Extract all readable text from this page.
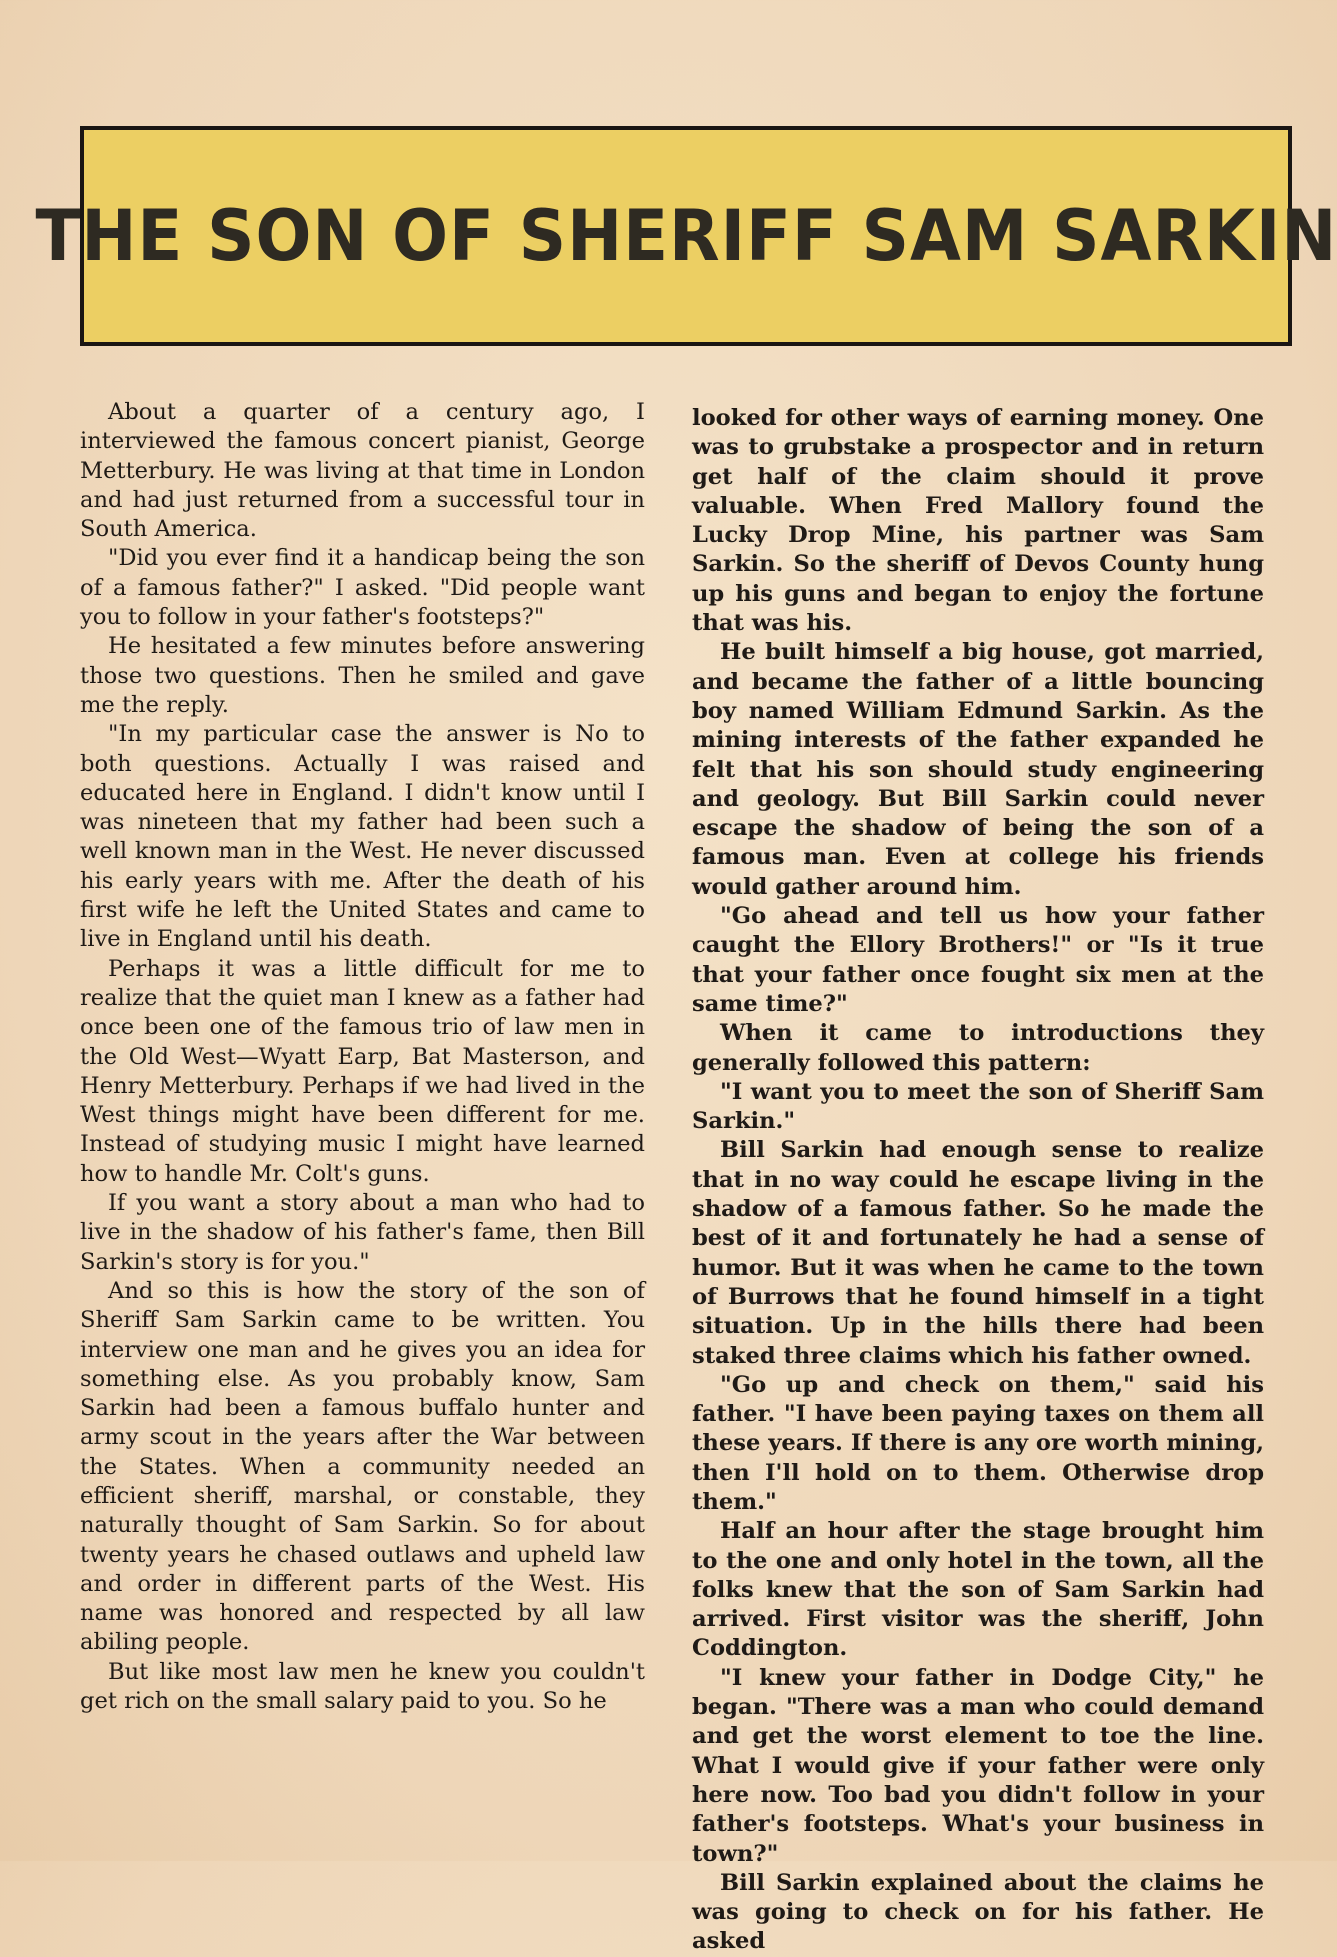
THE SON OF SHERIFF SAM SARKIN

About a quarter of a century ago, I interviewed the famous concert pianist, George Metterbury. He was living at that time in London and had just returned from a successful tour in South America.

"Did you ever find it a handicap being the son of a famous father?" I asked. "Did people want you to follow in your father's footsteps?"

He hesitated a few minutes before answering those two questions. Then he smiled and gave me the reply.

"In my particular case the answer is No to both questions. Actually I was raised and educated here in England. I didn't know until I was nineteen that my father had been such a well known man in the West. He never discussed his early years with me. After the death of his first wife he left the United States and came to live in England until his death.

Perhaps it was a little difficult for me to realize that the quiet man I knew as a father had once been one of the famous trio of law men in the Old West—Wyatt Earp, Bat Masterson, and Henry Metterbury. Perhaps if we had lived in the West things might have been different for me. Instead of studying music I might have learned how to handle Mr. Colt's guns.

If you want a story about a man who had to live in the shadow of his father's fame, then Bill Sarkin's story is for you."

And so this is how the story of the son of Sheriff Sam Sarkin came to be written. You interview one man and he gives you an idea for something else. As you probably know, Sam Sarkin had been a famous buffalo hunter and army scout in the years after the War between the States. When a community needed an efficient sheriff, marshal, or constable, they naturally thought of Sam Sarkin. So for about twenty years he chased outlaws and upheld law and order in different parts of the West. His name was honored and respected by all law abiling people.

But like most law men he knew you couldn't get rich on the small salary paid to you. So he

looked for other ways of earning money. One was to grubstake a prospector and in return get half of the claim should it prove valuable. When Fred Mallory found the Lucky Drop Mine, his partner was Sam Sarkin. So the sheriff of Devos County hung up his guns and began to enjoy the fortune that was his.

He built himself a big house, got married, and became the father of a little bouncing boy named William Edmund Sarkin. As the mining interests of the father expanded he felt that his son should study engineering and geology. But Bill Sarkin could never escape the shadow of being the son of a famous man. Even at college his friends would gather around him.

"Go ahead and tell us how your father caught the Ellory Brothers!" or "Is it true that your father once fought six men at the same time?"

When it came to introductions they generally followed this pattern:

"I want you to meet the son of Sheriff Sam Sarkin."

Bill Sarkin had enough sense to realize that in no way could he escape living in the shadow of a famous father. So he made the best of it and fortunately he had a sense of humor. But it was when he came to the town of Burrows that he found himself in a tight situation. Up in the hills there had been staked three claims which his father owned.

"Go up and check on them," said his father. "I have been paying taxes on them all these years. If there is any ore worth mining, then I'll hold on to them. Otherwise drop them."

Half an hour after the stage brought him to the one and only hotel in the town, all the folks knew that the son of Sam Sarkin had arrived. First visitor was the sheriff, John Coddington.

"I knew your father in Dodge City," he began. "There was a man who could demand and get the worst element to toe the line. What I would give if your father were only here now. Too bad you didn't follow in your father's footsteps. What's your business in town?"

Bill Sarkin explained about the claims he was going to check on for his father. He asked
